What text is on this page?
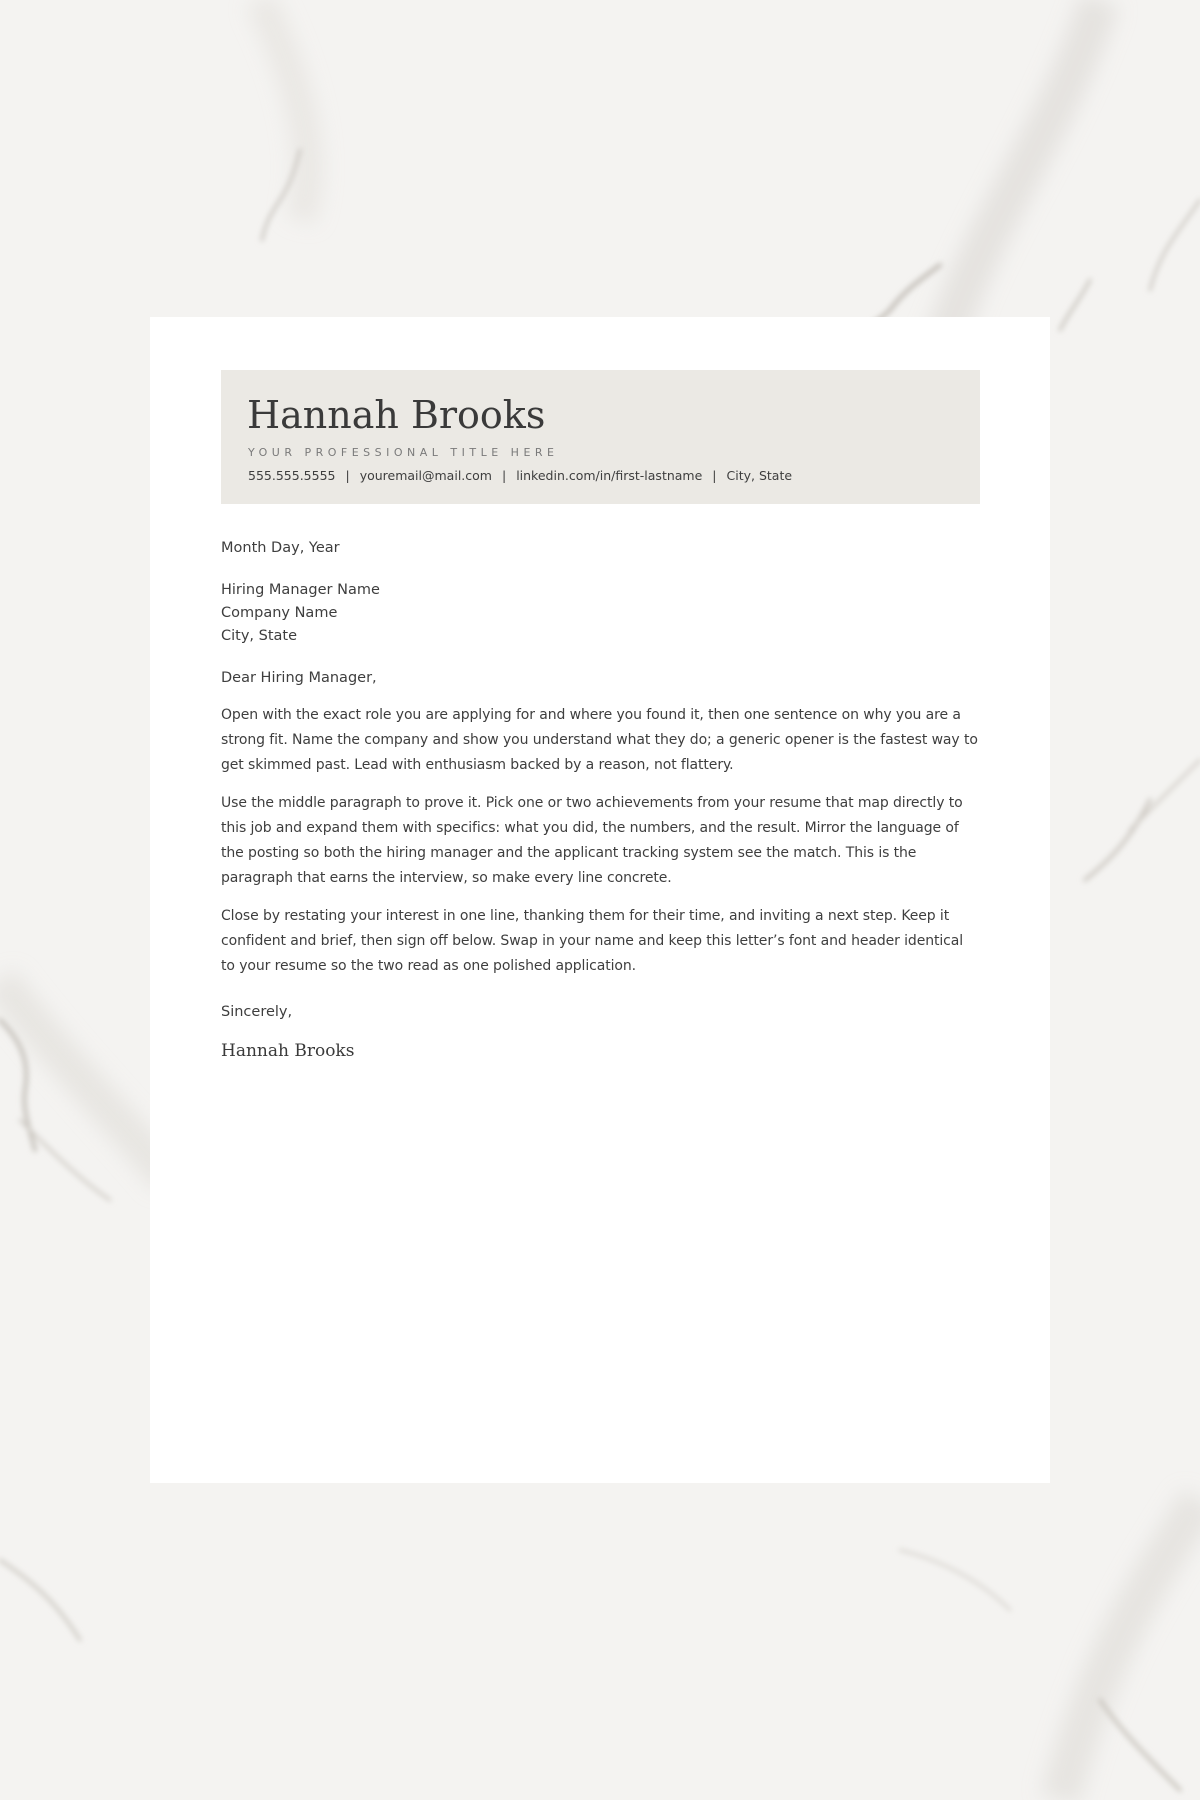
Hannah Brooks
YOUR PROFESSIONAL TITLE HERE
555.555.5555 | youremail@mail.com | linkedin.com/in/first-lastname | City, State
Month Day, Year
Hiring Manager Name
Company Name
City, State
Dear Hiring Manager,

Open with the exact role you are applying for and where you found it, then one sentence on why you are a strong fit. Name the company and show you understand what they do; a generic opener is the fastest way to get skimmed past. Lead with enthusiasm backed by a reason, not flattery.

Use the middle paragraph to prove it. Pick one or two achievements from your resume that map directly to this job and expand them with specifics: what you did, the numbers, and the result. Mirror the language of the posting so both the hiring manager and the applicant tracking system see the match. This is the paragraph that earns the interview, so make every line concrete.

Close by restating your interest in one line, thanking them for their time, and inviting a next step. Keep it confident and brief, then sign off below. Swap in your name and keep this letter’s font and header identical to your resume so the two read as one polished application.

Sincerely,
Hannah Brooks
